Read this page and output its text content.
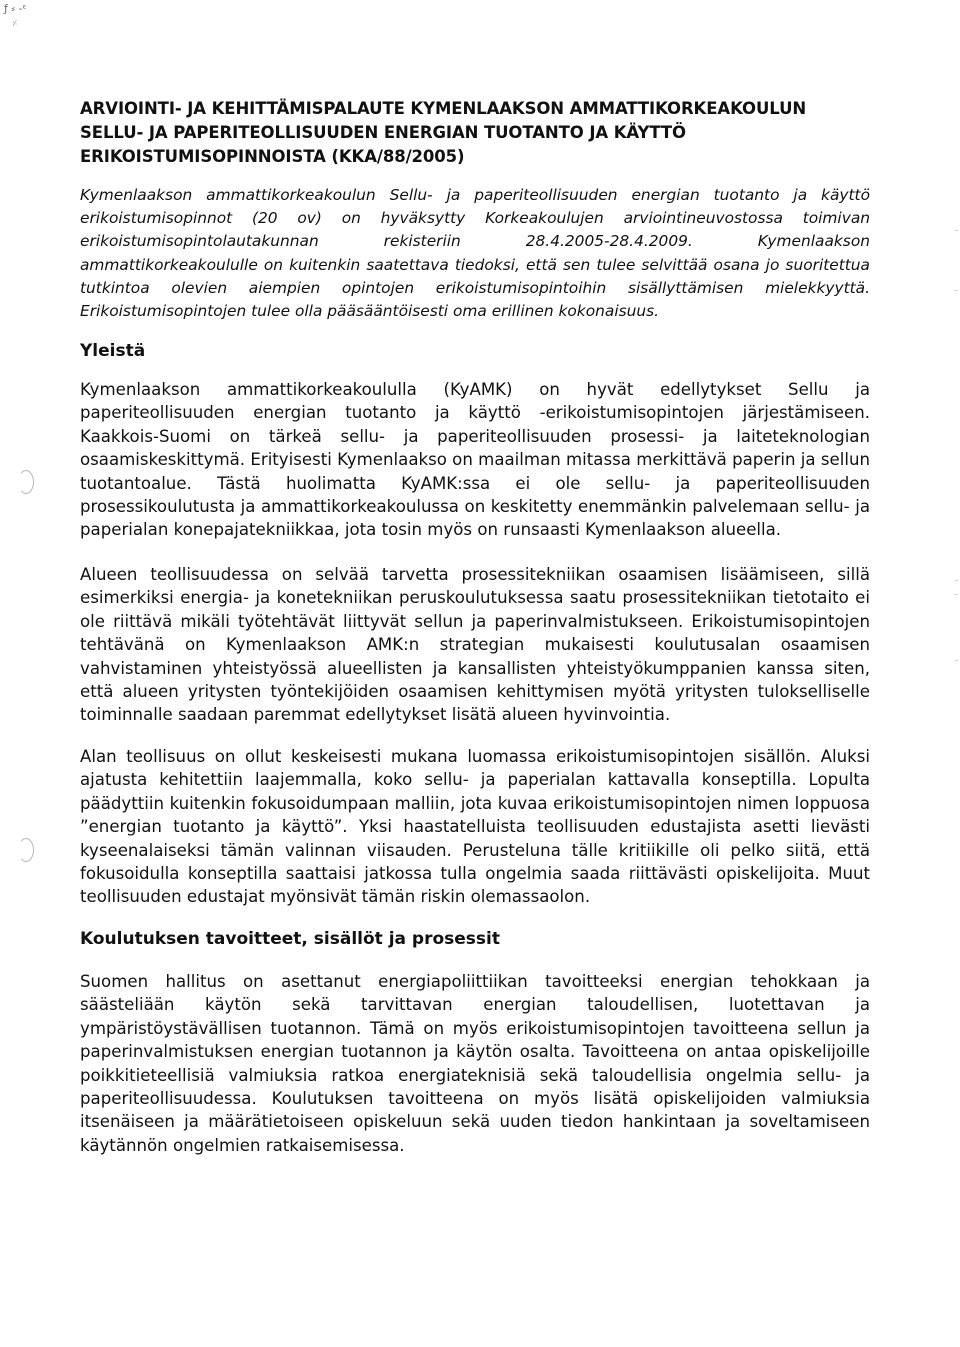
ƒ ⸗ ‐ᵋ
⸓
ARVIOINTI- JA KEHITTÄMISPALAUTE KYMENLAAKSON AMMATTIKORKEAKOULUN
SELLU- JA PAPERITEOLLISUUDEN ENERGIAN TUOTANTO JA KÄYTTÖ
ERIKOISTUMISOPINNOISTA (KKA/88/2005)

Kymenlaakson ammattikorkeakoulun Sellu- ja paperiteollisuuden energian tuotanto ja käyttö erikoistumisopinnot (20 ov) on hyväksytty Korkeakoulujen arviointineuvostossa toimivan erikoistumisopintolautakunnan rekisteriin 28.4.2005-28.4.2009. Kymenlaakson ammattikorkeakoululle on kuitenkin saatettava tiedoksi, että sen tulee selvittää osana jo suoritettua tutkintoa olevien aiempien opintojen erikoistumisopintoihin sisällyttämisen mielekkyyttä. Erikoistumisopintojen tulee olla pääsääntöisesti oma erillinen kokonaisuus.

Yleistä

Kymenlaakson ammattikorkeakoululla (KyAMK) on hyvät edellytykset Sellu ja paperiteollisuuden energian tuotanto ja käyttö -erikoistumisopintojen järjestämiseen. Kaakkois-Suomi on tärkeä sellu- ja paperiteollisuuden prosessi- ja laiteteknologian osaamiskeskittymä. Erityisesti Kymenlaakso on maailman mitassa merkittävä paperin ja sellun tuotantoalue. Tästä huolimatta KyAMK:ssa ei ole sellu- ja paperiteollisuuden prosessikoulutusta ja ammattikorkeakoulussa on keskitetty enemmänkin palvelemaan sellu- ja paperialan konepajatekniikkaa, jota tosin myös on runsaasti Kymenlaakson alueella.

Alueen teollisuudessa on selvää tarvetta prosessitekniikan osaamisen lisäämiseen, sillä esimerkiksi energia- ja konetekniikan peruskoulutuksessa saatu prosessitekniikan tietotaito ei ole riittävä mikäli työtehtävät liittyvät sellun ja paperinvalmistukseen. Erikoistumisopintojen tehtävänä on Kymenlaakson AMK:n strategian mukaisesti koulutusalan osaamisen vahvistaminen yhteistyössä alueellisten ja kansallisten yhteistyökumppanien kanssa siten, että alueen yritysten työntekijöiden osaamisen kehittymisen myötä yritysten tulokselliselle toiminnalle saadaan paremmat edellytykset lisätä alueen hyvinvointia.

Alan teollisuus on ollut keskeisesti mukana luomassa erikoistumisopintojen sisällön. Aluksi ajatusta kehitettiin laajemmalla, koko sellu- ja paperialan kattavalla konseptilla. Lopulta päädyttiin kuitenkin fokusoidumpaan malliin, jota kuvaa erikoistumisopintojen nimen loppuosa ”energian tuotanto ja käyttö”. Yksi haastatelluista teollisuuden edustajista asetti lievästi kyseenalaiseksi tämän valinnan viisauden. Perusteluna tälle kritiikille oli pelko siitä, että fokusoidulla konseptilla saattaisi jatkossa tulla ongelmia saada riittävästi opiskelijoita. Muut teollisuuden edustajat myönsivät tämän riskin olemassaolon.

Koulutuksen tavoitteet, sisällöt ja prosessit

Suomen hallitus on asettanut energiapoliittiikan tavoitteeksi energian tehokkaan ja säästeliään käytön sekä tarvittavan energian taloudellisen, luotettavan ja ympäristöystävällisen tuotannon. Tämä on myös erikoistumisopintojen tavoitteena sellun ja paperinvalmistuksen energian tuotannon ja käytön osalta. Tavoitteena on antaa opiskelijoille poikkitieteellisiä valmiuksia ratkoa energiateknisiä sekä taloudellisia ongelmia sellu- ja paperiteollisuudessa. Koulutuksen tavoitteena on myös lisätä opiskelijoiden valmiuksia itsenäiseen ja määrätietoiseen opiskeluun sekä uuden tiedon hankintaan ja soveltamiseen käytännön ongelmien ratkaisemisessa.
